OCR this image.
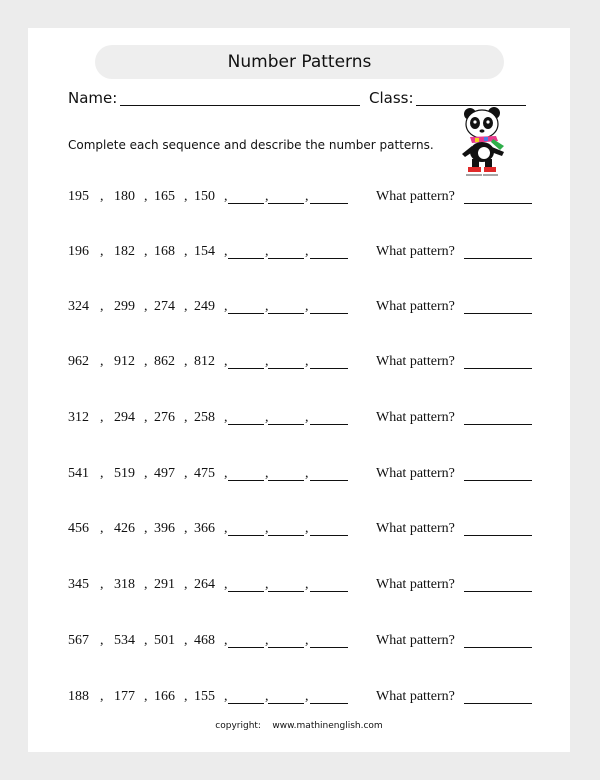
Number Patterns
Name:	Class:
Complete each sequence and describe the number patterns.
195 , 180 , 165 , 150 ,	,	,	What pattern?
196 , 182 , 168 , 154 ,	,	,	What pattern?
324 , 299 , 274 , 249 ,	,	,	What pattern?
962 , 912 , 862 , 812 ,	,	,	What pattern?
312 , 294 , 276 , 258 ,	,	,	What pattern?
541 , 519 , 497 , 475 ,	,	,	What pattern?
456 , 426 , 396 , 366 ,	,	,	What pattern?
345 , 318 , 291 , 264 ,	,	,	What pattern?
567 , 534 , 501 , 468 ,	,	,	What pattern?
188 , 177 , 166 , 155 ,	,	,	What pattern?
copyright: www.mathinenglish.com
